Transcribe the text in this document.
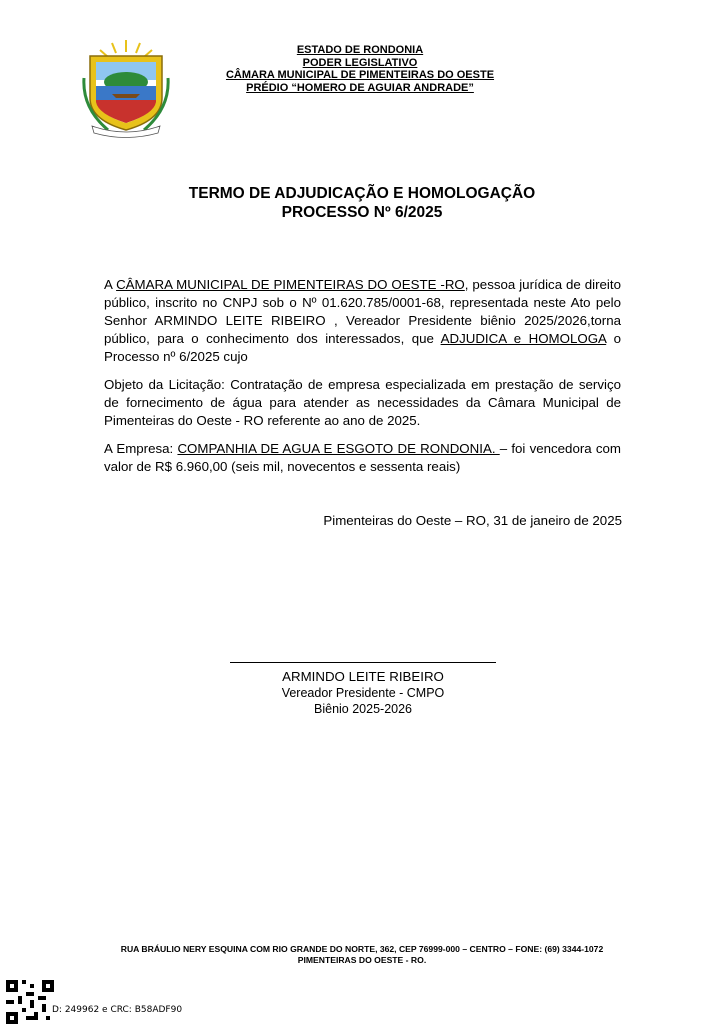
ESTADO DE RONDONIA
PODER LEGISLATIVO
CÂMARA MUNICIPAL DE PIMENTEIRAS DO OESTE
PRÉDIO “HOMERO DE AGUIAR ANDRADE”
TERMO DE ADJUDICAÇÃO E HOMOLOGAÇÃO
PROCESSO Nº 6/2025

A CÂMARA MUNICIPAL DE PIMENTEIRAS DO OESTE -RO, pessoa jurídica de direito público, inscrito no CNPJ sob o Nº 01.620.785/0001-68, representada neste Ato pelo Senhor ARMINDO LEITE RIBEIRO , Vereador Presidente biênio 2025/2026,torna público, para o conhecimento dos interessados, que ADJUDICA e HOMOLOGA o Processo nº 6/2025 cujo

Objeto da Licitação: Contratação de empresa especializada em prestação de serviço de fornecimento de água para atender as necessidades da Câmara Municipal de Pimenteiras do Oeste - RO referente ao ano de 2025.

A Empresa: COMPANHIA DE AGUA E ESGOTO DE RONDONIA. – foi vencedora com valor de R$ 6.960,00 (seis mil, novecentos e sessenta reais)

Pimenteiras do Oeste – RO, 31 de janeiro de 2025
ARMINDO LEITE RIBEIRO
Vereador Presidente - CMPO
Biênio 2025-2026
RUA BRÁULIO NERY ESQUINA COM RIO GRANDE DO NORTE, 362, CEP 76999-000 – CENTRO – FONE: (69) 3344-1072
PIMENTEIRAS DO OESTE - RO.
D: 249962 e CRC: B58ADF90
